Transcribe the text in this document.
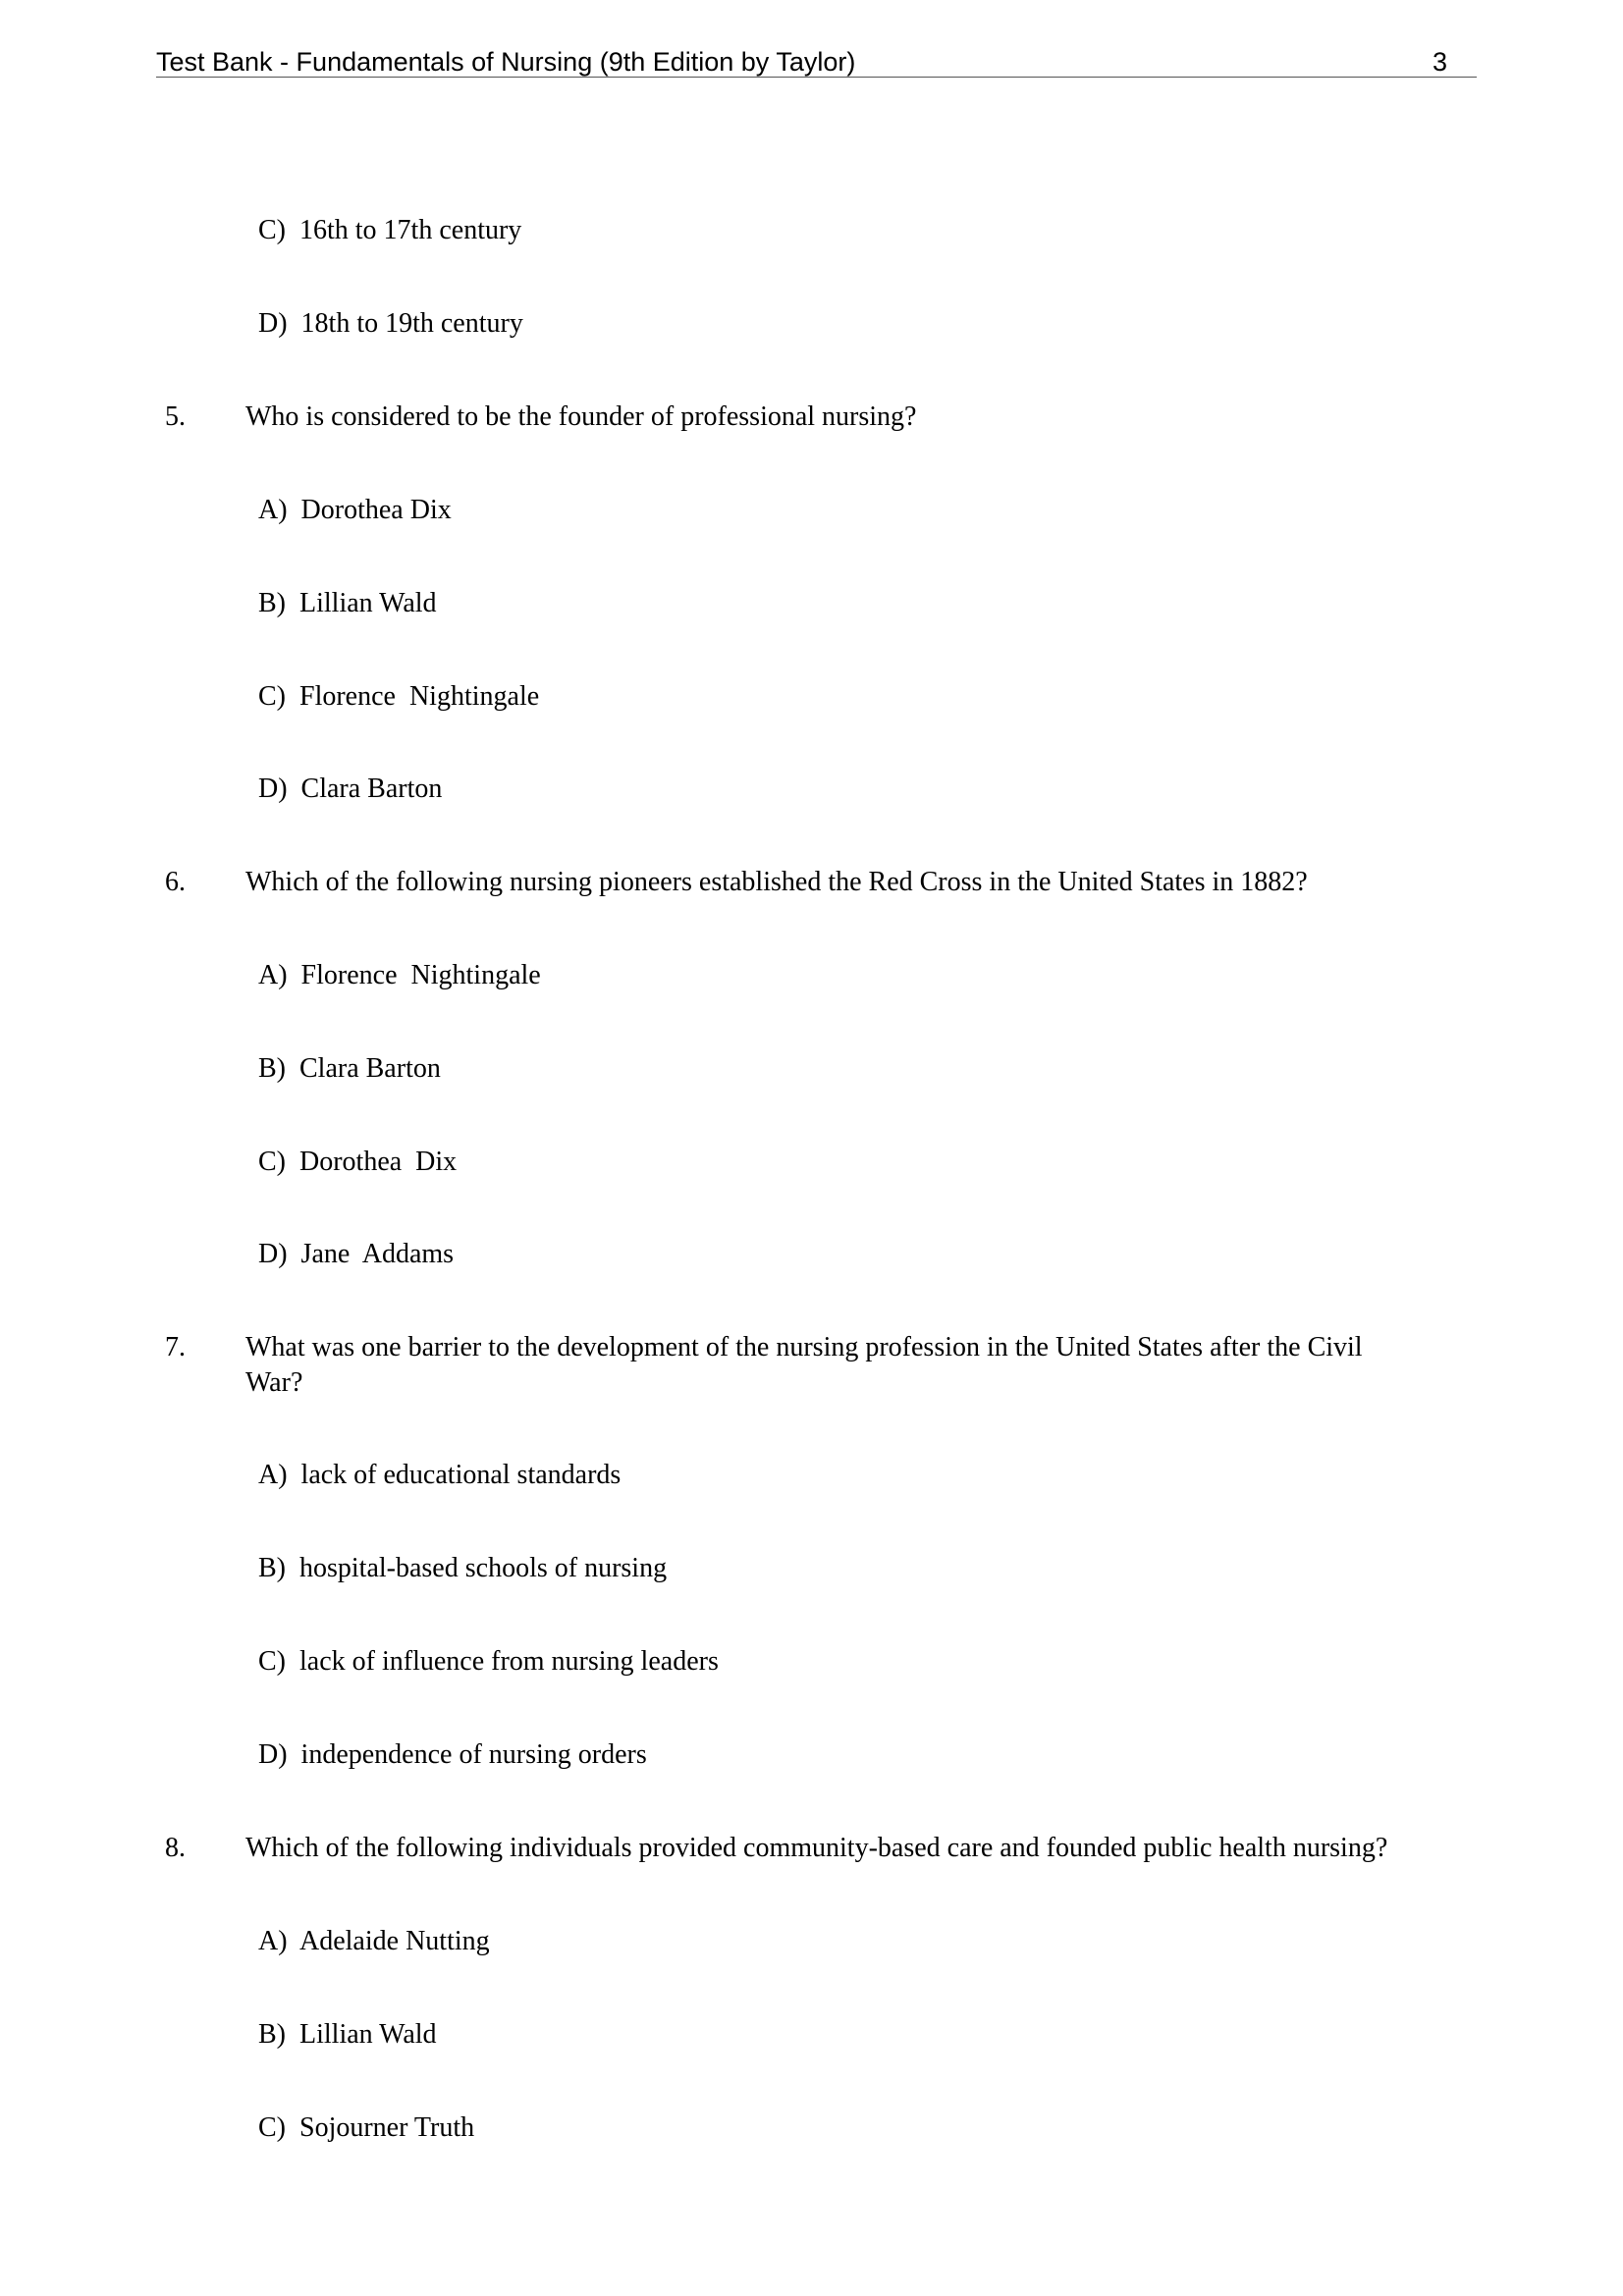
Test Bank - Fundamentals of Nursing (9th Edition by Taylor)	3
C)  16th to 17th century
D)  18th to 19th century
5. Who is considered to be the founder of professional nursing?
A)  Dorothea Dix
B)  Lillian Wald
C)  Florence  Nightingale
D)  Clara Barton
6. Which of the following nursing pioneers established the Red Cross in the United States in 1882?
A)  Florence  Nightingale
B)  Clara Barton
C)  Dorothea  Dix
D)  Jane  Addams
7. What was one barrier to the development of the nursing profession in the United States after the Civil
War?
A)  lack of educational standards
B)  hospital-based schools of nursing
C)  lack of influence from nursing leaders
D)  independence of nursing orders
8. Which of the following individuals provided community-based care and founded public health nursing?
A)  Adelaide Nutting
B)  Lillian Wald
C)  Sojourner Truth
